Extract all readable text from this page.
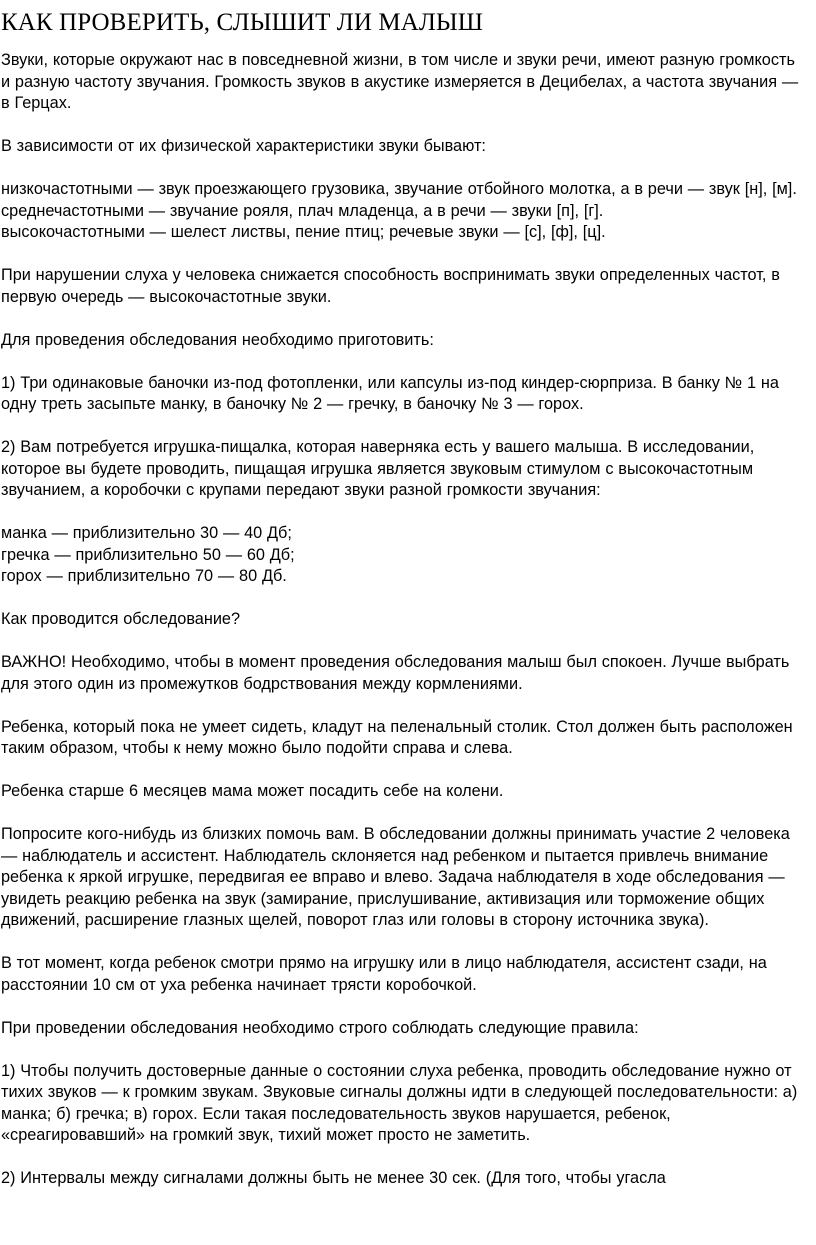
КАК ПРОВЕРИТЬ, СЛЫШИТ ЛИ МАЛЫШ

Звуки, которые окружают нас в повседневной жизни, в том числе и звуки речи, имеют разную громкость и разную частоту звучания. Громкость звуков в акустике измеряется в Децибелах, а частота звучания — в Герцах.

В зависимости от их физической характеристики звуки бывают:

низкочастотными — звук проезжающего грузовика, звучание отбойного молотка, а в речи — звук [н], [м].

среднечастотными — звучание рояля, плач младенца, а в речи — звуки [п], [г].

высокочастотными — шелест листвы, пение птиц; речевые звуки — [с], [ф], [ц].

При нарушении слуха у человека снижается способность воспринимать звуки определенных частот, в первую очередь — высокочастотные звуки.

Для проведения обследования необходимо приготовить:

1) Три одинаковые баночки из-под фотопленки, или капсулы из-под киндер-сюрприза. В банку № 1 на одну треть засыпьте манку, в баночку № 2 — гречку, в баночку № 3 — горох.

2) Вам потребуется игрушка-пищалка, которая наверняка есть у вашего малыша. В исследовании, которое вы будете проводить, пищащая игрушка является звуковым стимулом с высокочастотным звучанием, а коробочки с крупами передают звуки разной громкости звучания:

манка — приблизительно 30 — 40 Дб;

гречка — приблизительно 50 — 60 Дб;

горох — приблизительно 70 — 80 Дб.

Как проводится обследование?

ВАЖНО! Необходимо, чтобы в момент проведения обследования малыш был спокоен. Лучше выбрать для этого один из промежутков бодрствования между кормлениями.

Ребенка, который пока не умеет сидеть, кладут на пеленальный столик. Стол должен быть расположен таким образом, чтобы к нему можно было подойти справа и слева.

Ребенка старше 6 месяцев мама может посадить себе на колени.

Попросите кого-нибудь из близких помочь вам. В обследовании должны принимать участие 2 человека — наблюдатель и ассистент. Наблюдатель склоняется над ребенком и пытается привлечь внимание ребенка к яркой игрушке, передвигая ее вправо и влево. Задача наблюдателя в ходе обследования — увидеть реакцию ребенка на звук (замирание, прислушивание, активизация или торможение общих движений, расширение глазных щелей, поворот глаз или головы в сторону источника звука).

В тот момент, когда ребенок смотри прямо на игрушку или в лицо наблюдателя, ассистент сзади, на расстоянии 10 см от уха ребенка начинает трясти коробочкой.

При проведении обследования необходимо строго соблюдать следующие правила:

1) Чтобы получить достоверные данные о состоянии слуха ребенка, проводить обследование нужно от тихих звуков — к громким звукам. Звуковые сигналы должны идти в следующей последовательности: а) манка; б) гречка; в) горох. Если такая последовательность звуков нарушается, ребенок, «среагировавший» на громкий звук, тихий может просто не заметить.

2) Интервалы между сигналами должны быть не менее 30 сек. (Для того, чтобы угасла
